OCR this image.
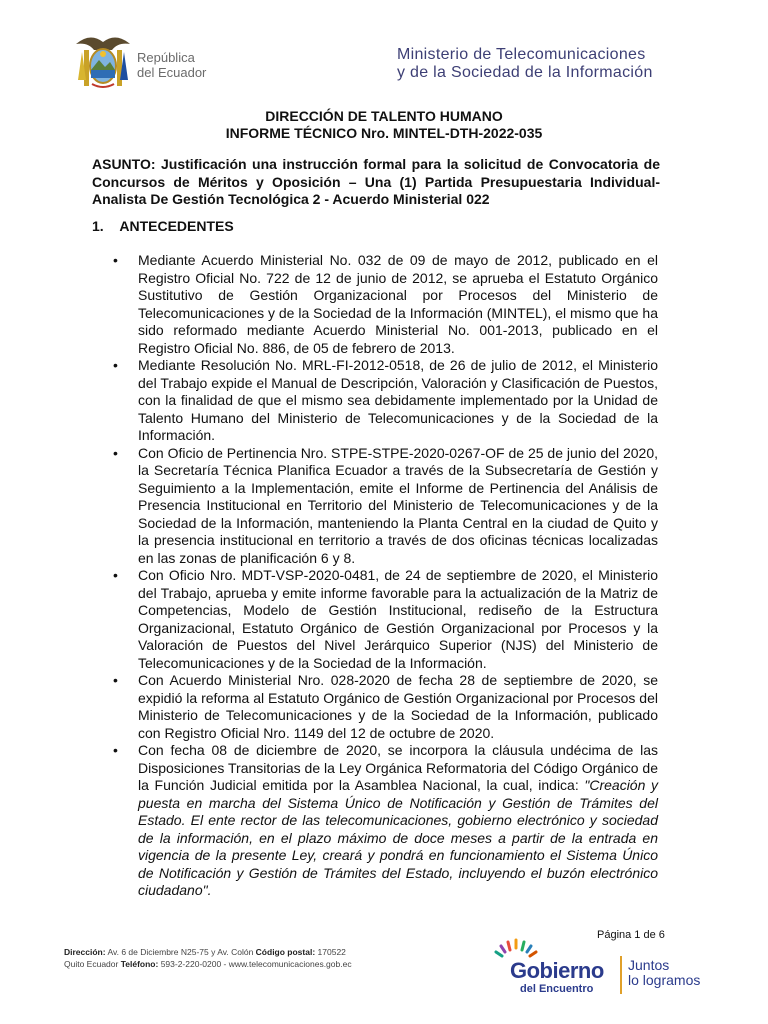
República
del Ecuador
Ministerio de Telecomunicaciones
y de la Sociedad de la Información
DIRECCIÓN DE TALENTO HUMANO
INFORME TÉCNICO Nro. MINTEL-DTH-2022-035
ASUNTO: Justificación una instrucción formal para la solicitud de Convocatoria de Concursos de Méritos y Oposición – Una (1) Partida Presupuestaria Individual- Analista De Gestión Tecnológica 2 - Acuerdo Ministerial 022
1. ANTECEDENTES
• Mediante Acuerdo Ministerial No. 032 de 09 de mayo de 2012, publicado en el Registro Oficial No. 722 de 12 de junio de 2012, se aprueba el Estatuto Orgánico Sustitutivo de Gestión Organizacional por Procesos del Ministerio de Telecomunicaciones y de la Sociedad de la Información (MINTEL), el mismo que ha sido reformado mediante Acuerdo Ministerial No. 001-2013, publicado en el Registro Oficial No. 886, de 05 de febrero de 2013.
• Mediante Resolución No. MRL-FI-2012-0518, de 26 de julio de 2012, el Ministerio del Trabajo expide el Manual de Descripción, Valoración y Clasificación de Puestos, con la finalidad de que el mismo sea debidamente implementado por la Unidad de Talento Humano del Ministerio de Telecomunicaciones y de la Sociedad de la Información.
• Con Oficio de Pertinencia Nro. STPE-STPE-2020-0267-OF de 25 de junio del 2020, la Secretaría Técnica Planifica Ecuador a través de la Subsecretaría de Gestión y Seguimiento a la Implementación, emite el Informe de Pertinencia del Análisis de Presencia Institucional en Territorio del Ministerio de Telecomunicaciones y de la Sociedad de la Información, manteniendo la Planta Central en la ciudad de Quito y la presencia institucional en territorio a través de dos oficinas técnicas localizadas en las zonas de planificación 6 y 8.
• Con Oficio Nro. MDT-VSP-2020-0481, de 24 de septiembre de 2020, el Ministerio del Trabajo, aprueba y emite informe favorable para la actualización de la Matriz de Competencias, Modelo de Gestión Institucional, rediseño de la Estructura Organizacional, Estatuto Orgánico de Gestión Organizacional por Procesos y la Valoración de Puestos del Nivel Jerárquico Superior (NJS) del Ministerio de Telecomunicaciones y de la Sociedad de la Información.
• Con Acuerdo Ministerial Nro. 028-2020 de fecha 28 de septiembre de 2020, se expidió la reforma al Estatuto Orgánico de Gestión Organizacional por Procesos del Ministerio de Telecomunicaciones y de la Sociedad de la Información, publicado con Registro Oficial Nro. 1149 del 12 de octubre de 2020.
• Con fecha 08 de diciembre de 2020, se incorpora la cláusula undécima de las Disposiciones Transitorias de la Ley Orgánica Reformatoria del Código Orgánico de la Función Judicial emitida por la Asamblea Nacional, la cual, indica: "Creación y puesta en marcha del Sistema Único de Notificación y Gestión de Trámites del Estado. El ente rector de las telecomunicaciones, gobierno electrónico y sociedad de la información, en el plazo máximo de doce meses a partir de la entrada en vigencia de la presente Ley, creará y pondrá en funcionamiento el Sistema Único de Notificación y Gestión de Trámites del Estado, incluyendo el buzón electrónico ciudadano".
Página 1 de 6
Dirección: Av. 6 de Diciembre N25-75 y Av. Colón Código postal: 170522
Quito Ecuador Teléfono: 593-2-220-0200 - www.telecomunicaciones.gob.ec	Gobierno
del Encuentro
Juntos
lo logramos
